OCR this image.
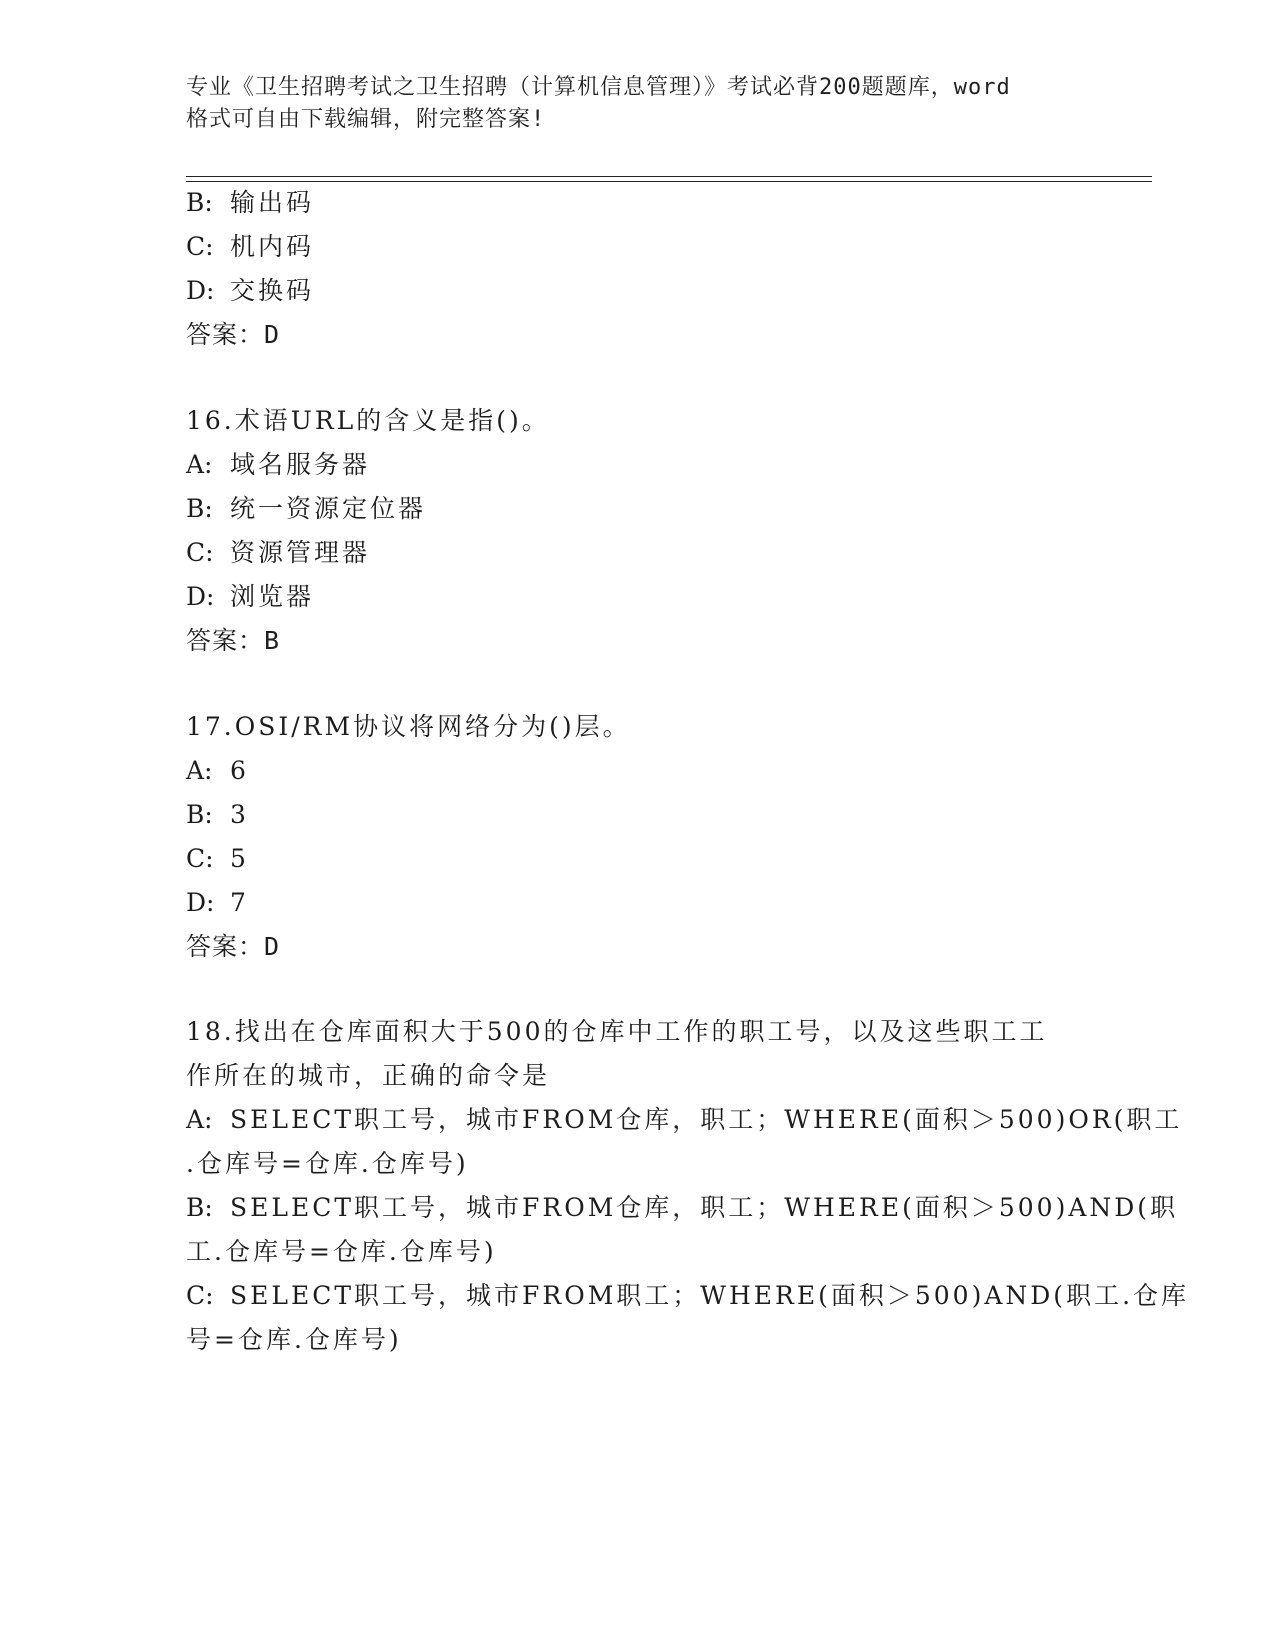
专业《卫生招聘考试之卫生招聘（计算机信息管理）》考试必背200题题库，word
格式可自由下载编辑，附完整答案!
B: 输出码
C: 机内码
D: 交换码
答案：D
16.术语URL的含义是指()。
A: 域名服务器
B: 统一资源定位器
C: 资源管理器
D: 浏览器
答案：B
17.OSI/RM协议将网络分为()层。
A: 6
B: 3
C: 5
D: 7
答案：D
18.找出在仓库面积大于500的仓库中工作的职工号，以及这些职工工
作所在的城市，正确的命令是
A: SELECT职工号，城市FROM仓库，职工；WHERE(面积＞500)OR(职工
.仓库号=仓库.仓库号)
B: SELECT职工号，城市FROM仓库，职工；WHERE(面积＞500)AND(职
工.仓库号=仓库.仓库号)
C: SELECT职工号，城市FROM职工；WHERE(面积＞500)AND(职工.仓库
号=仓库.仓库号)
